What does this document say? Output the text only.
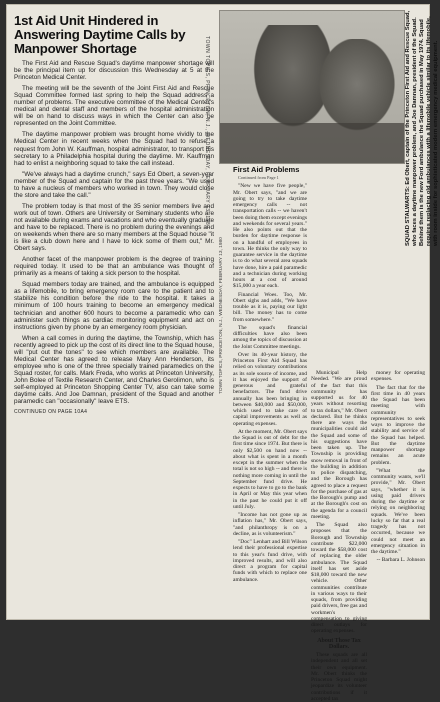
1st Aid Unit Hindered in Answering Daytime Calls by Manpower Shortage

The First Aid and Rescue Squad's daytime manpower shortage will be the principal item up for discussion this Wednesday at 5 at the Princeton Medical Center.

The meeting will be the seventh of the Joint First Aid and Rescue Squad Committee formed last spring to help the Squad address a number of problems. The executive committee of the Medical Center's medical and dental staff and members of the hospital administration will be on hand to discuss ways in which the Center can also be represented on the Joint Committee.

The daytime manpower problem was brought home vividly to the Medical Center in recent weeks when the Squad had to refuse a request from John W. Kauffman, hospital administrator, to transport his secretary to a Philadelphia hospital during the daytime. Mr. Kauffman had to enlist a neighboring squad to take the call instead.

"We've always had a daytime crunch," says Ed Obert, a seven-year member of the Squad and captain for the past three years. "We used to have a nucleus of members who worked in town. They would close the store and take the call."

The problem today is that most of the 35 senior members live and work out of town. Others are University or Seminary students who are not available during exams and vacations and who eventually graduate and have to be replaced. There is no problem during the evenings and on weekends when there are so many members at the Squad house "it is like a club down here and I have to kick some of them out," Mr. Obert says.

Another facet of the manpower problem is the degree of training required today. It used to be that an ambulance was thought of primarily as a means of taking a sick person to the hospital.

Squad members today are trained, and the ambulance is equipped as a lifemobile, to bring emergency room care to the patient and to stabilize his condition before the ride to the hospital. It takes a minimum of 100 hours training to become an emergency medical technician and another 600 hours to become a paramedic who can administer such things as cardiac monitoring equipment and act on instructions given by phone by an emergency room physician.

When a call comes in during the daytime, the Township, which has recently agreed to pick up the cost of its direct line to the Squad house, will "put out the tones" to see which members are available. The Medical Center has agreed to release Mary Ann Henderson, its employee who is one of the three specially trained paramedics on the Squad roster, for calls. Mark Freda, who works at Princeton University, John Bolee of Textile Research Center, and Charles Gerolimon, who is self-employed at Princeton Shopping Center TV, also can take some daytime calls. And Joe Damnan, president of the Squad and another paramedic can "occasionally" leave ETS.

CONTINUED ON PAGE 10A4

TOWN TOPICS, PRINCETON, N.J., WEDNESDAY, FEBRUARY 13, 1980	SQUAD STALWARTS: Ed Obert, captain of the Princeton First Aid and Rescue Squad, who faces a daytime manpower problem, and Joe Damnan, president of the Squad. Behind them is the new Ford ambulance the Squad purchased in May 1974. Squad requires replacing old ambulances with a lifemobile vehicle similar to its lifemobile, with room inside for sophisticated modern emergency medical equipment.
TOWN TOPICS, PRINCETON, N.J., WEDNESDAY, FEBRUARY 13, 1980
First Aid Problems

Continued from Page 1

"New we have five people," Mr. Obert says, "and we are going to try to take daytime emergency calls -- not transportation calls -- we haven't been doing them except evenings and weekends for several years." He also points out that the burden for daytime response is on a handful of employees in town. He thinks the only way to guarantee service in the daytime is to do what several area squads have done, hire a paid paramedic and a technician during working hours at a cost of around $15,000 a year each.

Financial Woes. Too, Mr. Obert sighs and adds, "We have trouble as it is, paying our light bill. The money has to come from somewhere."

The squad's financial difficulties have also been among the topics of discussion at the Joint Committee meetings.

Over its 40-year history, the Princeton First Aid Squad has relied on voluntary contributions as its sole source of income, and it has enjoyed the support of generous and grateful benefactors. The fund drive annually has been bringing in between $40,000 and $50,000, which used to take care of capital improvements as well as operating expenses.

At the moment, Mr. Obert says the Squad is out of debt for the first time since 1974. But there is only $2,500 on hand now -- about what is spent in a month except in the summer when the total is not so high -- and there is nothing more coming in until the September fund drive. He expects to have to go to the bank in April or May this year when in the past he could put it off until July.

"Income has not gone up as inflation has," Mr. Obert says, "and philanthropy is on a decline, as is volunteerism."

"Doc" Lenhart and Bill Wilson lend their professional expertise to this year's fund drive, with improved results, and will also direct a program for capital funds with which to replace one ambulance.

Municipal Help Needed. "We are proud of the fact that this community has supported us for 40 years without resorting to tax dollars," Mr. Obert declared. But he thinks there are ways the municipalities could aid the Squad and some of his suggestions have been taken up. The Township is providing snow removal in front of the building in addition to police dispatching, and the Borough has agreed to place a request for the purchase of gas at the Borough's pump and at the Borough's cost on the agenda for a council meeting.

The Squad also proposes that the Borough and Township contribute $22,000 toward the $58,000 cost of replacing the older ambulance. The Squad itself has set aside $18,000 toward the new vehicle. Other communities contribute in various ways to their squads, from providing paid drivers, free gas and workmen's compensation to giving direct outlays for operating expenses.

About Those Tax Dollars.

These squads are all independent and all set their own equipment. Mr. Obert thinks the Princeton Squad might jeopardize its volunteer contributions if it accepted tax

money for operating expenses.

The fact that for the first time in 40 years the Squad has been meeting with community representatives to seek ways to improve the stability and service of the Squad has helped. But the daytime manpower shortage remains an acute problem.

"What the community wants, we'll provide," Mr. Obert says, "whether it is using paid drivers during the daytime or relying on neighboring squads. We've been lucky so far that a real tragedy has not occurred, because we could not meet an emergency situation in the daytime."

-- Barbara L. Johnson
